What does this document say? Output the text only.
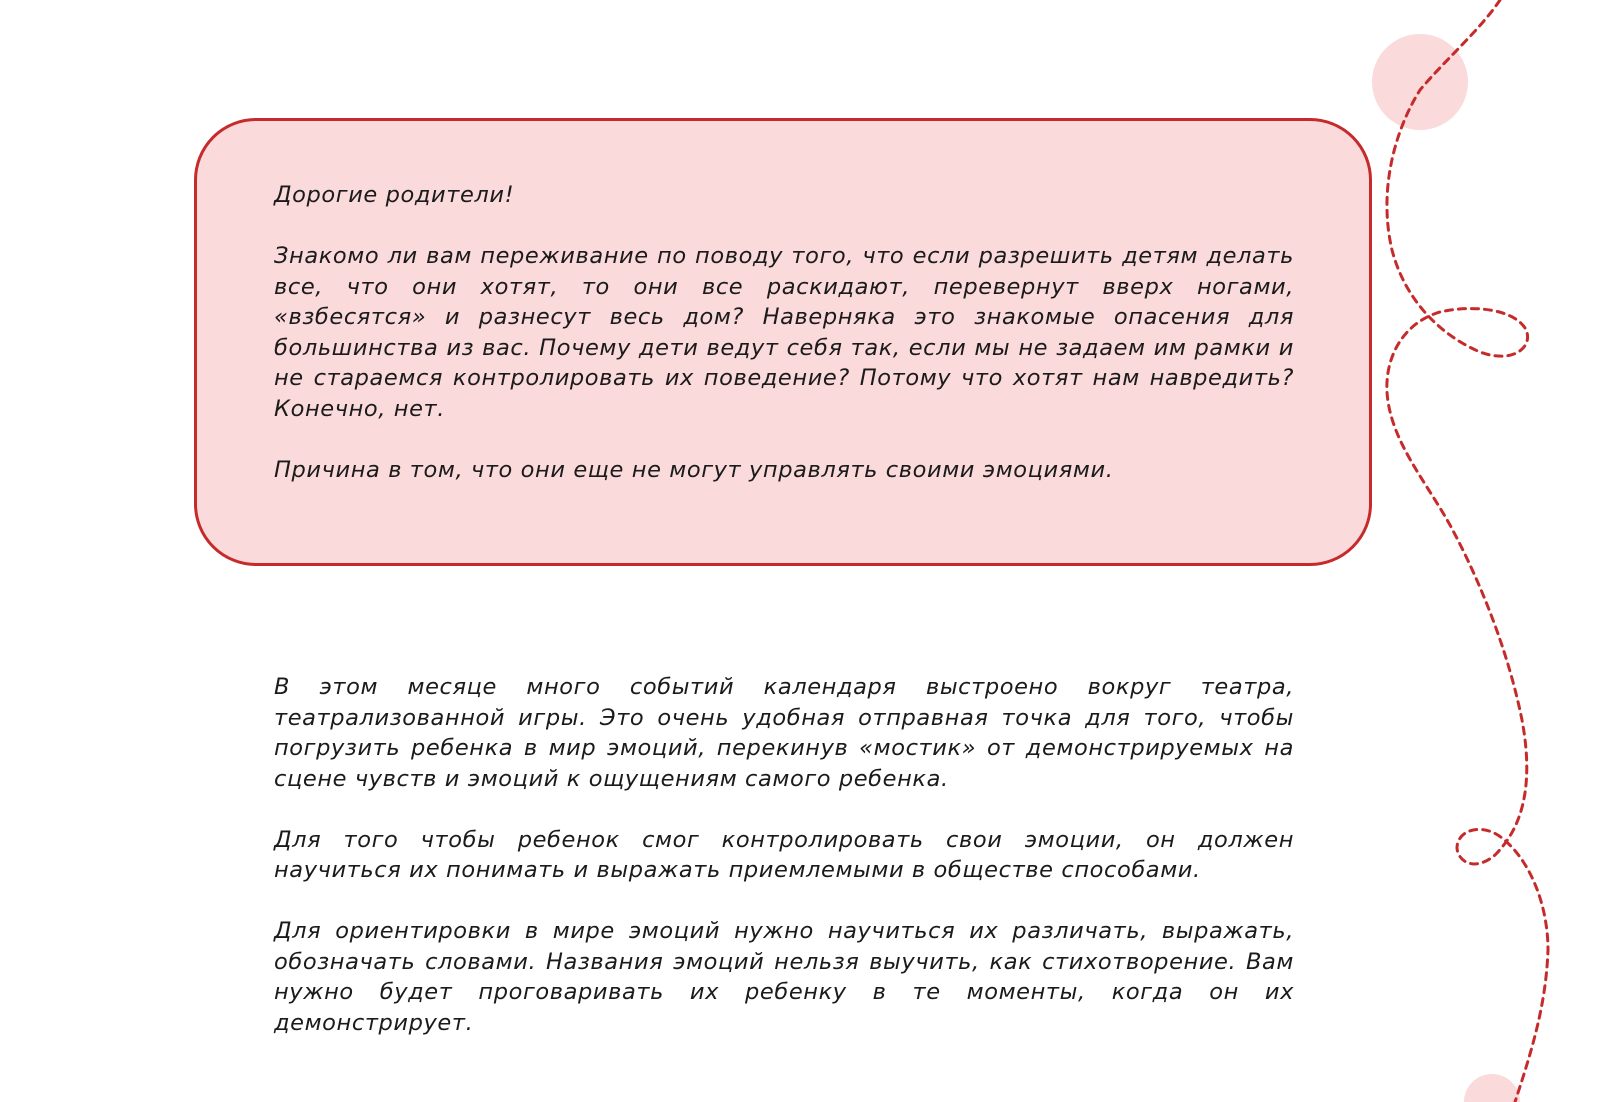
Дорогие родители!

Знакомо ли вам переживание по поводу того, что если разрешить детям делать все, что они хотят, то они все раскидают, перевернут вверх ногами, «взбесятся» и разнесут весь дом? Наверняка это знакомые опасения для большинства из вас. Почему дети ведут себя так, если мы не задаем им рамки и не стараемся контролировать их поведение? Потому что хотят нам навредить? Конечно, нет.

Причина в том, что они еще не могут управлять своими эмоциями.

В этом месяце много событий календаря выстроено вокруг театра, театрализованной игры. Это очень удобная отправная точка для того, чтобы погрузить ребенка в мир эмоций, перекинув «мостик» от демонстрируемых на сцене чувств и эмоций к ощущениям самого ребенка.

Для того чтобы ребенок смог контролировать свои эмоции, он должен научиться их понимать и выражать приемлемыми в обществе способами.

Для ориентировки в мире эмоций нужно научиться их различать, выражать, обозначать словами. Названия эмоций нельзя выучить, как стихотворение. Вам нужно будет проговаривать их ребенку в те моменты, когда он их демонстрирует.
